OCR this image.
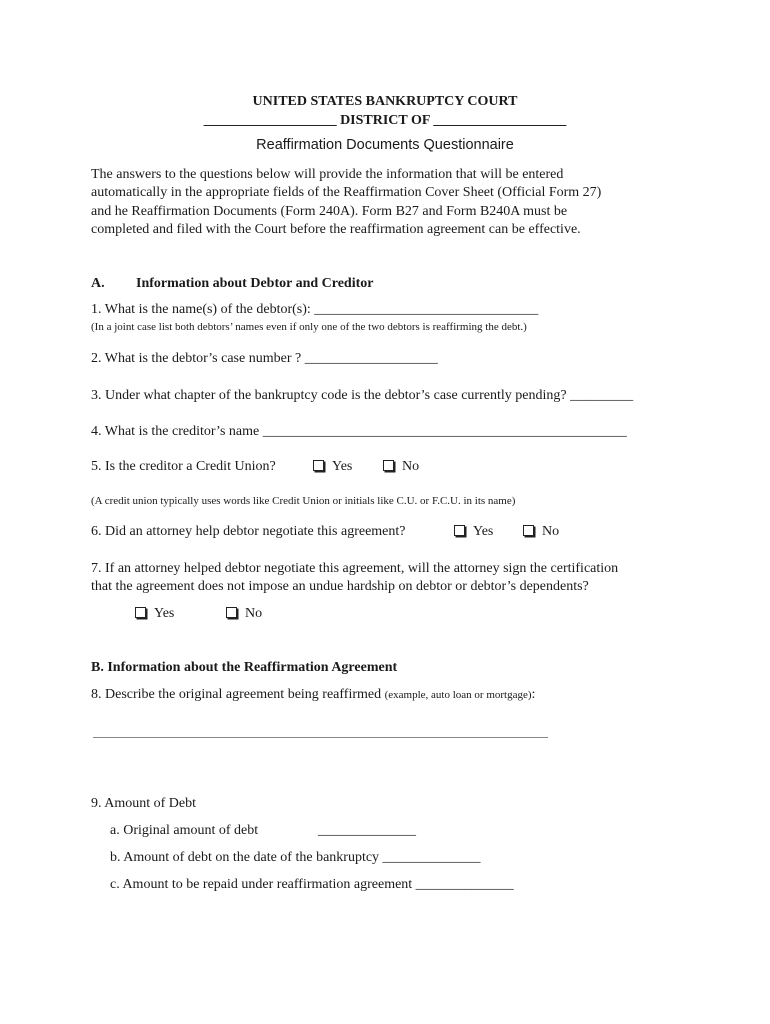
UNITED STATES BANKRUPTCY COURT
___________________ DISTRICT OF ___________________
Reaffirmation Documents Questionnaire
The answers to the questions below will provide the information that will be entered
automatically in the appropriate fields of the Reaffirmation Cover Sheet (Official Form 27)
and he Reaffirmation Documents (Form 240A). Form B27 and Form B240A must be
completed and filed with the Court before the reaffirmation agreement can be effective.
A. Information about Debtor and Creditor
1. What is the name(s) of the debtor(s): ________________________________
(In a joint case list both debtors’ names even if only one of the two debtors is reaffirming the debt.)
2. What is the debtor’s case number ? ___________________
3. Under what chapter of the bankruptcy code is the debtor’s case currently pending? _________
4. What is the creditor’s name ____________________________________________________
5. Is the creditor a Credit Union?	Yes	No
(A credit union typically uses words like Credit Union or initials like C.U. or F.C.U. in its name)
6. Did an attorney help debtor negotiate this agreement?	Yes	No
7. If an attorney helped debtor negotiate this agreement, will the attorney sign the certification
that the agreement does not impose an undue hardship on debtor or debtor’s dependents?
Yes	No
B. Information about the Reaffirmation Agreement
8. Describe the original agreement being reaffirmed (example, auto loan or mortgage):
9. Amount of Debt
a. Original amount of debt	______________
b. Amount of debt on the date of the bankruptcy ______________
c. Amount to be repaid under reaffirmation agreement ______________
